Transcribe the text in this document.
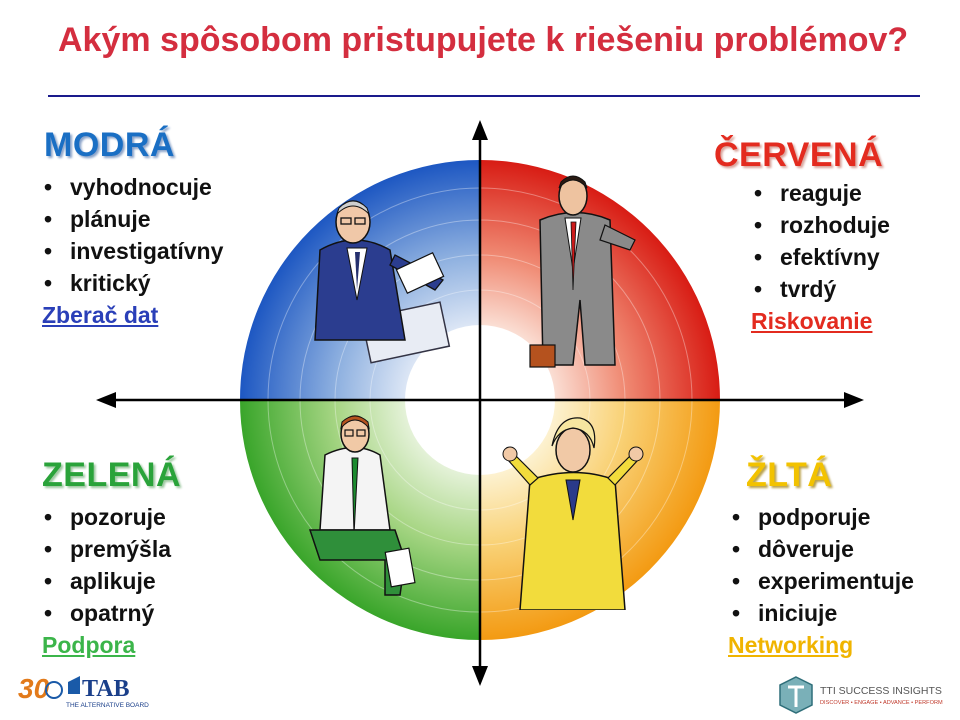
Akým spôsobom pristupujete k riešeniu problémov?
MODRÁ
• vyhodnocuje
• plánuje
• investigatívny
• kritický
Zberač dat
ČERVENÁ
• reaguje
• rozhoduje
• efektívny
• tvrdý
Riskovanie
ZELENÁ
• pozoruje
• premýšla
• aplikuje
• opatrný
Podpora
ŽLTÁ
• podporuje
• dôveruje
• experimentuje
• iniciuje
Networking
30 TAB
THE ALTERNATIVE BOARD
TTI SUCCESS INSIGHTS
DISCOVER • ENGAGE • ADVANCE • PERFORM
